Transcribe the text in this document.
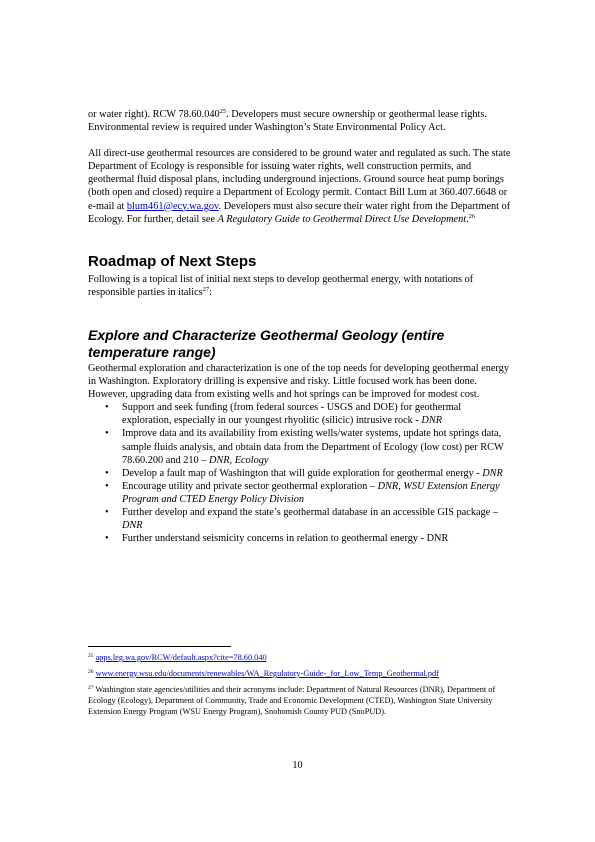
or water right). RCW 78.60.040$^{25}$. Developers must secure ownership or geothermal lease rights. Environmental review is required under Washington’s State Environmental Policy Act.

All direct-use geothermal resources are considered to be ground water and regulated as such. The state Department of Ecology is responsible for issuing water rights, well construction permits, and geothermal fluid disposal plans, including underground injections. Ground source heat pump borings (both open and closed) require a Department of Ecology permit. Contact Bill Lum at 360.407.6648 or e-mail at blum461@ecy.wa.gov. Developers must also secure their water right from the Department of Ecology. For further, detail see A Regulatory Guide to Geothermal Direct Use Development.$^{26}$

Roadmap of Next Steps

Following is a topical list of initial next steps to develop geothermal energy, with notations of responsible parties in italics$^{27}$:

Explore and Characterize Geothermal Geology (entire temperature range)

Geothermal exploration and characterization is one of the top needs for developing geothermal energy in Washington. Exploratory drilling is expensive and risky. Little focused work has been done. However, upgrading data from existing wells and hot springs can be improved for modest cost.

• Support and seek funding (from federal sources - USGS and DOE) for geothermal exploration, especially in our youngest rhyolitic (silicic) intrusive rock - DNR
• Improve data and its availability from existing wells/water systems, update hot springs data, sample fluids analysis, and obtain data from the Department of Ecology (low cost) per RCW 78.60.200 and 210 – DNR, Ecology
• Develop a fault map of Washington that will guide exploration for geothermal energy - DNR
• Encourage utility and private sector geothermal exploration – DNR, WSU Extension Energy Program and CTED Energy Policy Division
• Further develop and expand the state’s geothermal database in an accessible GIS package – DNR
• Further understand seismicity concerns in relation to geothermal energy - DNR

$^{25}$ apps.leg.wa.gov/RCW/default.aspx?cite=78.60.040

$^{26}$ www.energy.wsu.edu/documents/renewables/WA_Regulatory-Guide-_for_Low_Temp_Geothermal.pdf

$^{27}$ Washington state agencies/utilities and their acronyms include: Department of Natural Resources (DNR), Department of Ecology (Ecology), Department of Community, Trade and Economic Development (CTED), Washington State University Extension Energy Program (WSU Energy Program), Snohomish County PUD (SnoPUD).

10
